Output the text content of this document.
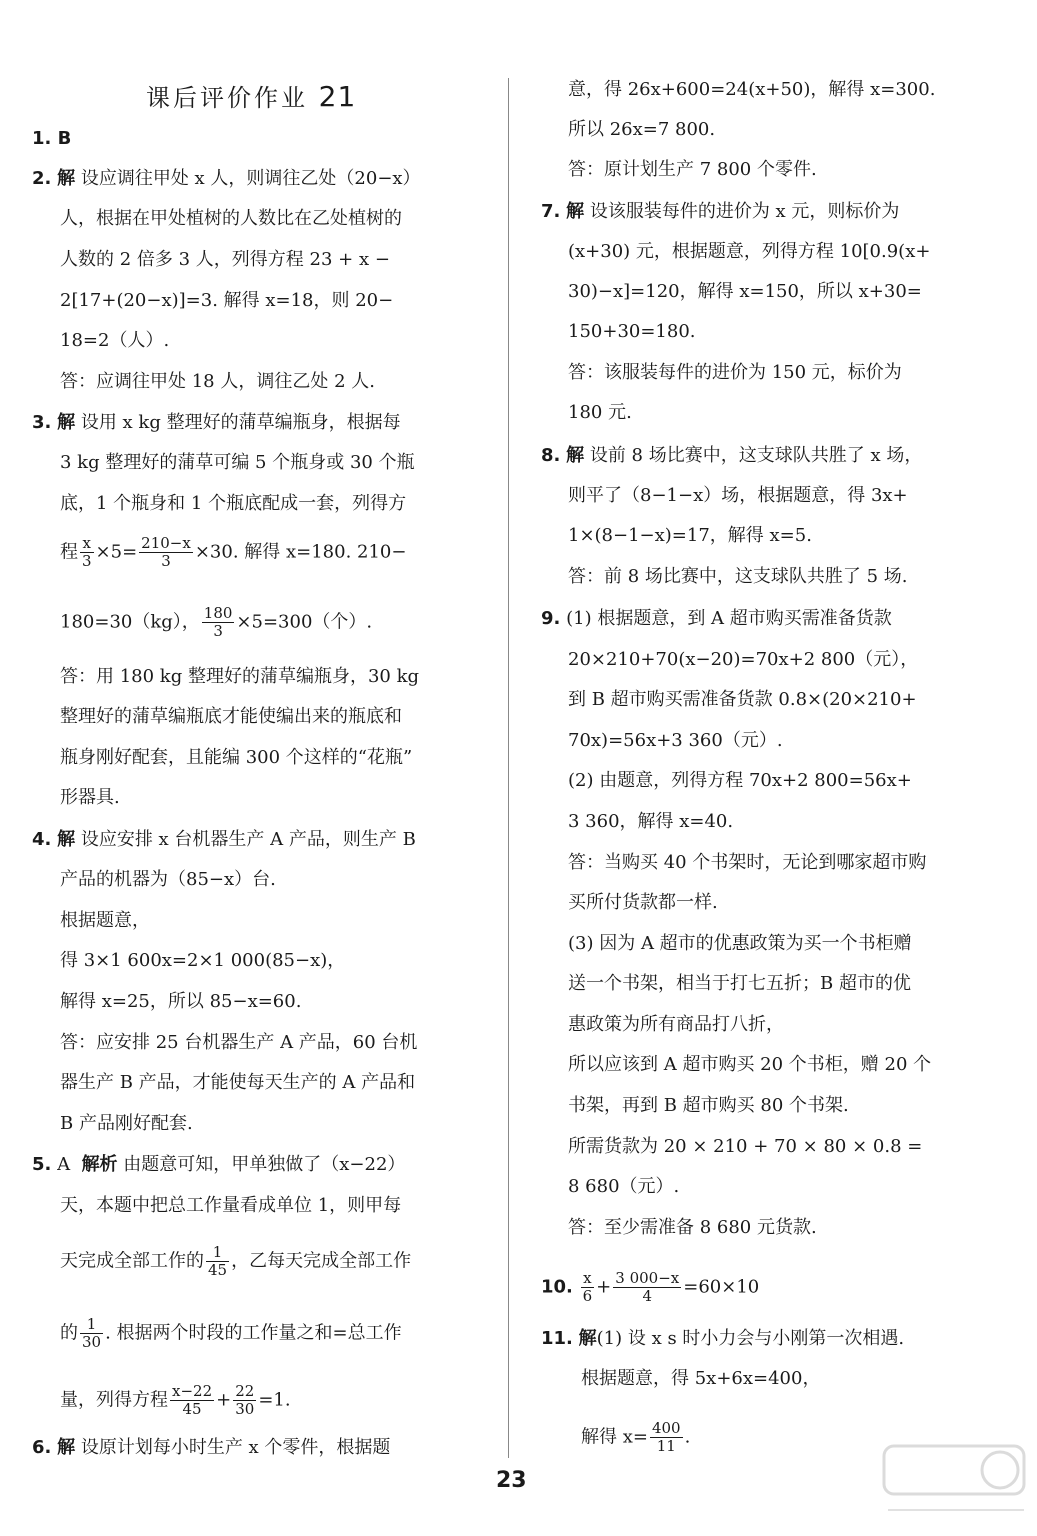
课后评价作业 21
1. B
2. 解 设应调往甲处 x 人，则调往乙处（20−x）
人，根据在甲处植树的人数比在乙处植树的
人数的 2 倍多 3 人，列得方程 23 + x −
2[17+(20−x)]=3. 解得 x=18，则 20−
18=2（人）.
答：应调往甲处 18 人，调往乙处 2 人.
3. 解 设用 x kg 整理好的蒲草编瓶身，根据每
3 kg 整理好的蒲草可编 5 个瓶身或 30 个瓶
底，1 个瓶身和 1 个瓶底配成一套，列得方
程 $\frac{x}{3} \times 5= \frac{210-x}{3} \times 30$. 解得 x=180. 210−
180=30（kg）， $\frac{180}{3} \times 5=300$（个）.
答：用 180 kg 整理好的蒲草编瓶身，30 kg
整理好的蒲草编瓶底才能使编出来的瓶底和
瓶身刚好配套，且能编 300 个这样的“花瓶”
形器具.
4. 解 设应安排 x 台机器生产 A 产品，则生产 B
产品的机器为（85−x）台.
根据题意，
得 3×1 600x=2×1 000(85−x)，
解得 x=25，所以 85−x=60.
答：应安排 25 台机器生产 A 产品，60 台机
器生产 B 产品，才能使每天生产的 A 产品和
B 产品刚好配套.
5. A 解析 由题意可知，甲单独做了（x−22）
天，本题中把总工作量看成单位 1，则甲每
天完成全部工作的 $\frac{1}{45}$ ，乙每天完成全部工作
的 $\frac{1}{30}$ . 根据两个时段的工作量之和=总工作
量，列得方程 $\frac{x-22}{45} + \frac{22}{30} =1$.
6. 解 设原计划每小时生产 x 个零件，根据题
意，得 26x+600=24(x+50)，解得 x=300.
所以 26x=7 800.
答：原计划生产 7 800 个零件.
7. 解 设该服装每件的进价为 x 元，则标价为
(x+30) 元，根据题意，列得方程 10[0.9(x+
30)−x]=120，解得 x=150，所以 x+30=
150+30=180.
答：该服装每件的进价为 150 元，标价为
180 元.
8. 解 设前 8 场比赛中，这支球队共胜了 x 场，
则平了（8−1−x）场，根据题意，得 3x+
1×(8−1−x)=17，解得 x=5.
答：前 8 场比赛中，这支球队共胜了 5 场.
9. (1) 根据题意，到 A 超市购买需准备货款
20×210+70(x−20)=70x+2 800（元），
到 B 超市购买需准备货款 0.8×(20×210+
70x)=56x+3 360（元）.
(2) 由题意，列得方程 70x+2 800=56x+
3 360，解得 x=40.
答：当购买 40 个书架时，无论到哪家超市购
买所付货款都一样.
(3) 因为 A 超市的优惠政策为买一个书柜赠
送一个书架，相当于打七五折；B 超市的优
惠政策为所有商品打八折，
所以应该到 A 超市购买 20 个书柜，赠 20 个
书架，再到 B 超市购买 80 个书架.
所需货款为 20 × 210 + 70 × 80 × 0.8 =
8 680（元）.
答：至少需准备 8 680 元货款.
10. $\frac{x}{6} + \frac{3 000-x}{4} =60\times 10$
11. 解(1) 设 x s 时小力会与小刚第一次相遇.
根据题意，得 5x+6x=400，
解得 $x= \frac{400}{11}$ .
23
